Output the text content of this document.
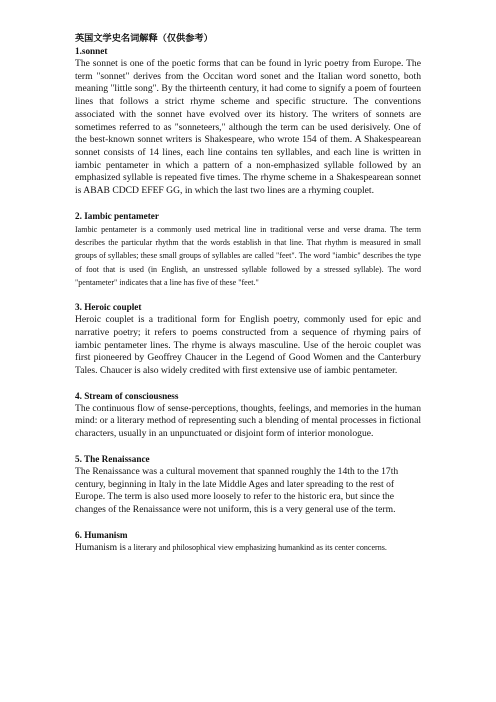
英国文学史名词解释（仅供参考）

1.sonnet

The sonnet is one of the poetic forms that can be found in lyric poetry from Europe. The term "sonnet" derives from the Occitan word sonet and the Italian word sonetto, both meaning "little song". By the thirteenth century, it had come to signify a poem of fourteen lines that follows a strict rhyme scheme and specific structure. The conventions associated with the sonnet have evolved over its history. The writers of sonnets are sometimes referred to as "sonneteers," although the term can be used derisively. One of the best-known sonnet writers is Shakespeare, who wrote 154 of them. A Shakespearean sonnet consists of 14 lines, each line contains ten syllables, and each line is written in iambic pentameter in which a pattern of a non-emphasized syllable followed by an emphasized syllable is repeated five times. The rhyme scheme in a Shakespearean sonnet is ABAB CDCD EFEF GG, in which the last two lines are a rhyming couplet.

2. Iambic pentameter

Iambic pentameter is a commonly used metrical line in traditional verse and verse drama. The term describes the particular rhythm that the words establish in that line. That rhythm is measured in small groups of syllables; these small groups of syllables are called "feet". The word "iambic" describes the type of foot that is used (in English, an unstressed syllable followed by a stressed syllable). The word "pentameter" indicates that a line has five of these "feet."

3. Heroic couplet

Heroic couplet is a traditional form for English poetry, commonly used for epic and narrative poetry; it refers to poems constructed from a sequence of rhyming pairs of iambic pentameter lines. The rhyme is always masculine. Use of the heroic couplet was first pioneered by Geoffrey Chaucer in the Legend of Good Women and the Canterbury Tales. Chaucer is also widely credited with first extensive use of iambic pentameter.

4. Stream of consciousness

The continuous flow of sense-perceptions, thoughts, feelings, and memories in the human mind: or a literary method of representing such a blending of mental processes in fictional characters, usually in an unpunctuated or disjoint form of interior monologue.

5. The Renaissance

The Renaissance was a cultural movement that spanned roughly the 14th to the 17th century, beginning in Italy in the late Middle Ages and later spreading to the rest of Europe. The term is also used more loosely to refer to the historic era, but since the changes of the Renaissance were not uniform, this is a very general use of the term.

6. Humanism

Humanism is a literary and philosophical view emphasizing humankind as its center concerns.
